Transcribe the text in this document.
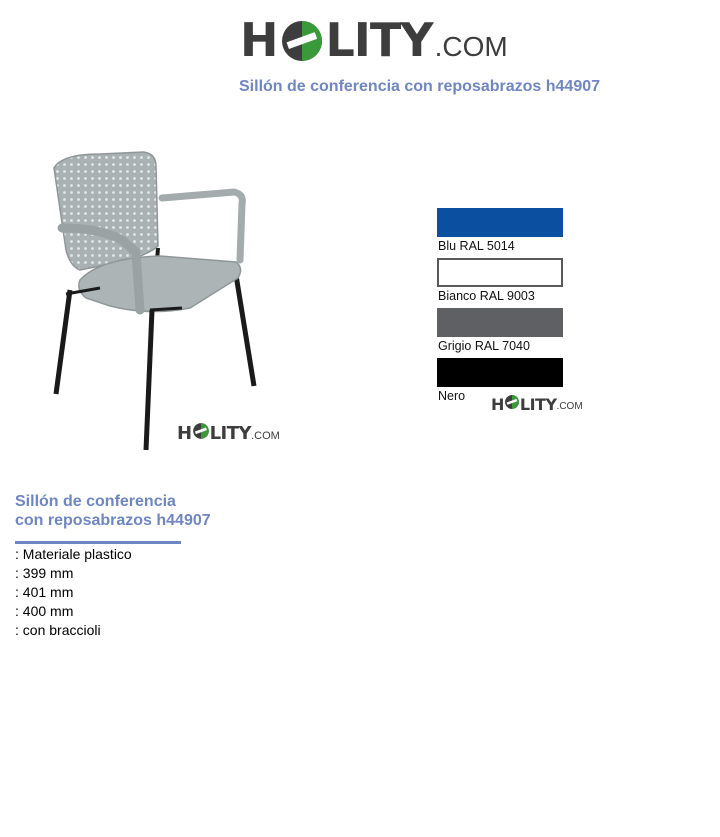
H LITY .COM
Sillón de conferencia con reposabrazos h44907
H LITY .COM
Blu RAL 5014
Bianco RAL 9003
Grigio RAL 7040
Nero	H LITY .COM
Sillón de conferencia
con reposabrazos h44907
: Materiale plastico
: 399 mm
: 401 mm
: 400 mm
: con braccioli
